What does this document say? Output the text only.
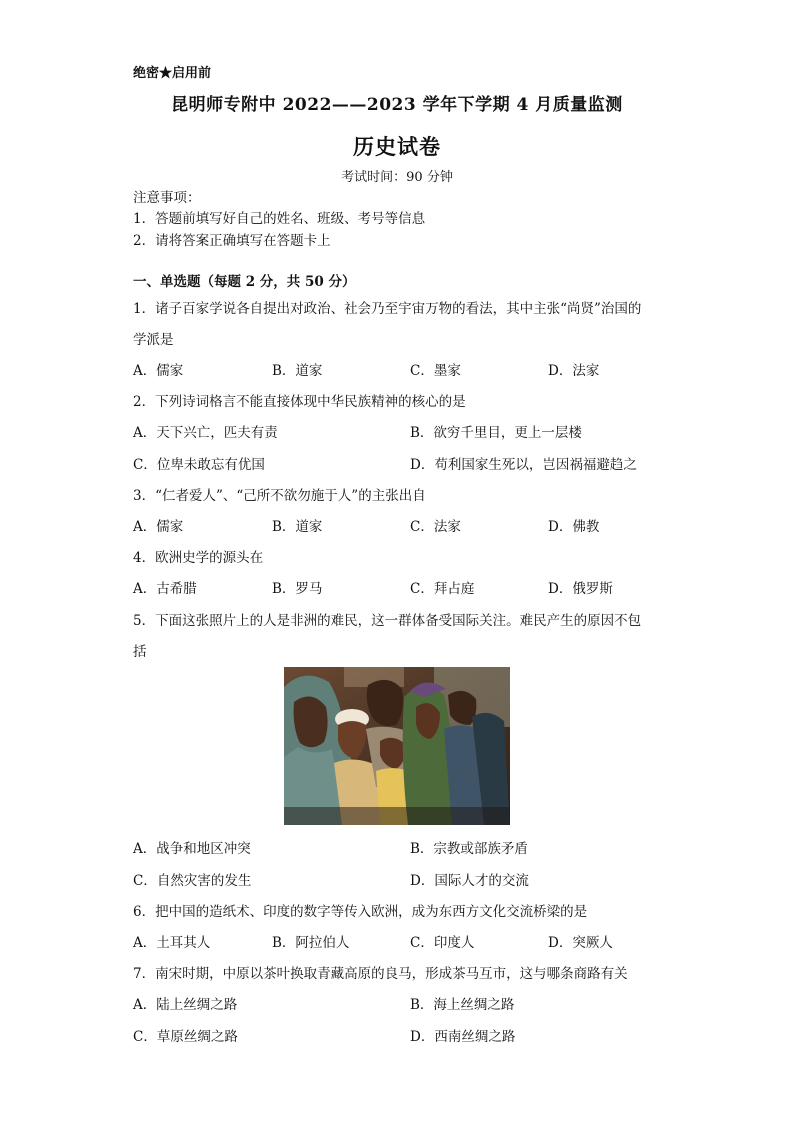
绝密★启用前
昆明师专附中 2022——2023 学年下学期 4 月质量监测
历史试卷
考试时间：90 分钟
注意事项：
1．答题前填写好自己的姓名、班级、考号等信息
2．请将答案正确填写在答题卡上
一、单选题（每题 2 分，共 50 分）
1．诸子百家学说各自提出对政治、社会乃至宇宙万物的看法，其中主张“尚贤”治国的
学派是
A．儒家	B．道家	C．墨家	D．法家
2．下列诗词格言不能直接体现中华民族精神的核心的是
A．天下兴亡，匹夫有责	B．欲穷千里目，更上一层楼
C．位卑未敢忘有优国	D．苟利国家生死以，岂因祸福避趋之
3．“仁者爱人”、“己所不欲勿施于人”的主张出自
A．儒家	B．道家	C．法家	D．佛教
4．欧洲史学的源头在
A．古希腊	B．罗马	C．拜占庭	D．俄罗斯
5．下面这张照片上的人是非洲的难民，这一群体备受国际关注。难民产生的原因不包
括
A．战争和地区冲突	B．宗教或部族矛盾
C．自然灾害的发生	D．国际人才的交流
6．把中国的造纸术、印度的数字等传入欧洲，成为东西方文化交流桥梁的是
A．土耳其人	B．阿拉伯人	C．印度人	D．突厥人
7．南宋时期，中原以茶叶换取青藏高原的良马，形成茶马互市，这与哪条商路有关
A．陆上丝绸之路	B．海上丝绸之路
C．草原丝绸之路	D．西南丝绸之路
